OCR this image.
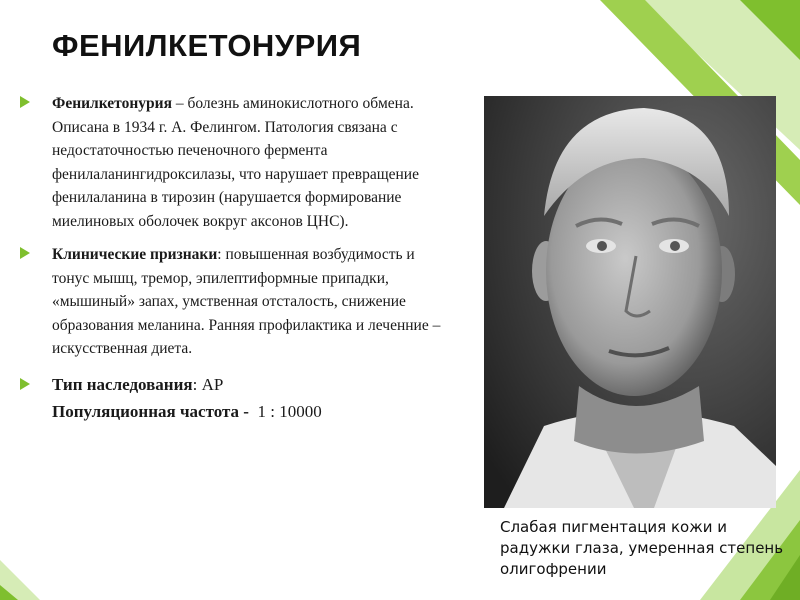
ФЕНИЛКЕТОНУРИЯ
Фенилкетонурия – болезнь аминокислотного обмена. Описана в 1934 г. А. Фелингом. Патология связана с недостаточностью печеночного фермента фенилаланингидроксилазы, что нарушает превращение фенилаланина в тирозин (нарушается формирование миелиновых оболочек вокруг аксонов ЦНС).
Клинические признаки: повышенная возбудимость и тонус мышц, тремор, эпилептиформные припадки, «мышиный» запах, умственная отсталость, снижение образования меланина. Ранняя профилактика и леченние – искусственная диета.
Тип наследования: АР
Популяционная частота -  1 : 10000
Слабая пигментация кожи и радужки глаза, умеренная степень олигофрении
